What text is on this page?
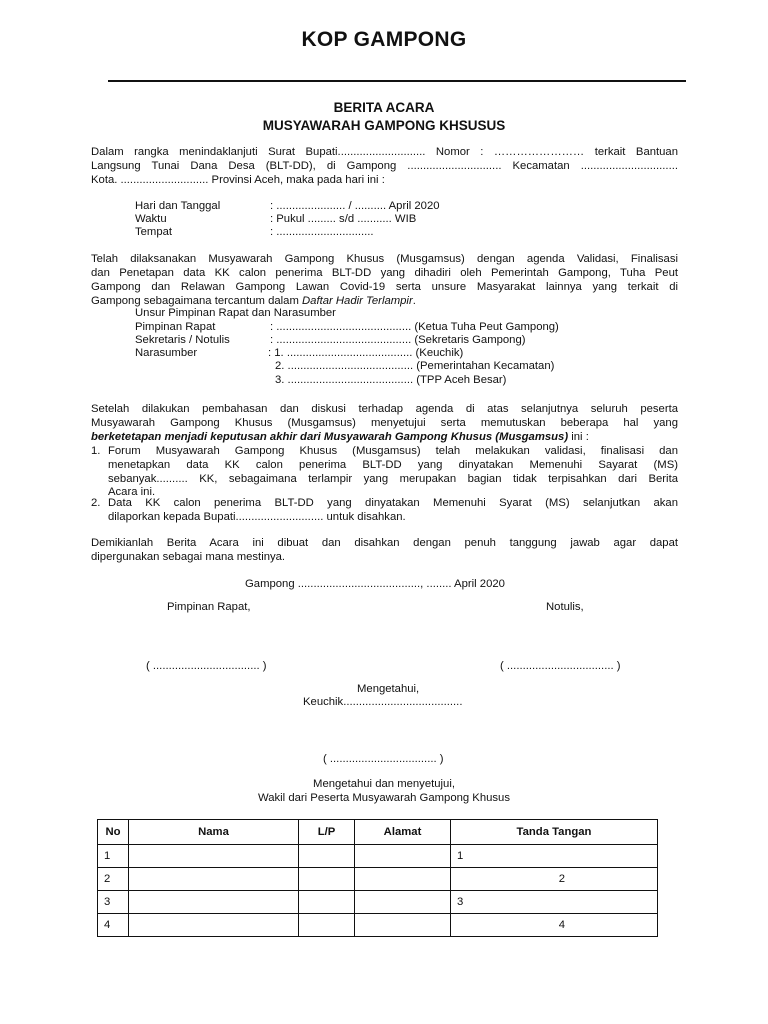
KOP GAMPONG
BERITA ACARA
MUSYAWARAH GAMPONG KHSUSUS
Dalam rangka menindaklanjuti Surat Bupati............................ Nomor : …………………… terkait Bantuan
Langsung Tunai Dana Desa (BLT-DD), di Gampong .............................. Kecamatan ...............................
Kota. ............................ Provinsi Aceh, maka pada hari ini :
Hari dan Tanggal	: ...................... / .......... April 2020
Waktu	: Pukul ......... s/d ........... WIB
Tempat	: ...............................
Telah dilaksanakan Musyawarah Gampong Khusus (Musgamsus) dengan agenda Validasi, Finalisasi
dan Penetapan data KK calon penerima BLT-DD yang dihadiri oleh Pemerintah Gampong, Tuha Peut
Gampong dan Relawan Gampong Lawan Covid-19 serta unsure Masyarakat lainnya yang terkait di
Gampong sebagaimana tercantum dalam Daftar Hadir Terlampir.
Unsur Pimpinan Rapat dan Narasumber
Pimpinan Rapat	: ........................................... (Ketua Tuha Peut Gampong)
Sekretaris / Notulis	: ........................................... (Sekretaris Gampong)
Narasumber	: 1. ........................................ (Keuchik)
2. ........................................ (Pemerintahan Kecamatan)
3. ........................................ (TPP Aceh Besar)
Setelah dilakukan pembahasan dan diskusi terhadap agenda di atas selanjutnya seluruh peserta
Musyawarah Gampong Khusus (Musgamsus) menyetujui serta memutuskan beberapa hal yang
berketetapan menjadi keputusan akhir dari Musyawarah Gampong Khusus (Musgamsus) ini :
1. Forum Musyawarah Gampong Khusus (Musgamsus) telah melakukan validasi, finalisasi dan
menetapkan data KK calon penerima BLT-DD yang dinyatakan Memenuhi Sayarat (MS)
sebanyak.......... KK, sebagaimana terlampir yang merupakan bagian tidak terpisahkan dari Berita
Acara ini.
2. Data KK calon penerima BLT-DD yang dinyatakan Memenuhi Syarat (MS) selanjutkan akan
dilaporkan kepada Bupati............................ untuk disahkan.
Demikianlah Berita Acara ini dibuat dan disahkan dengan penuh tanggung jawab agar dapat
dipergunakan sebagai mana mestinya.
Gampong ......................................., ........ April 2020
Pimpinan Rapat,	Notulis,
( .................................. )	( .................................. )
Mengetahui,
Keuchik......................................
( .................................. )
Mengetahui dan menyetujui,
Wakil dari Peserta Musyawarah Gampong Khusus
No	Nama	L/P	Alamat	Tanda Tangan
1				1
2				2
3				3
4				4
